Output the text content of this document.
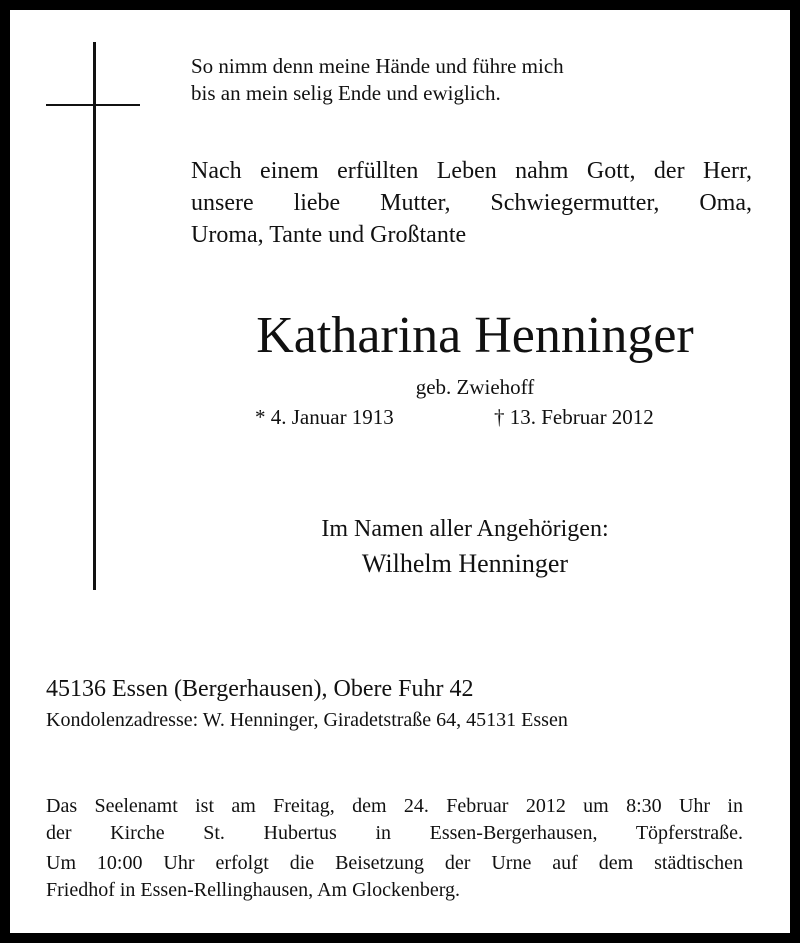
So nimm denn meine Hände und führe mich
bis an mein selig Ende und ewiglich.
Nach einem erfüllten Leben nahm Gott, der Herr,
unsere liebe Mutter, Schwiegermutter, Oma,
Uroma, Tante und Großtante
Katharina Henninger
geb. Zwiehoff
* 4. Januar 1913	† 13. Februar 2012
Im Namen aller Angehörigen:
Wilhelm Henninger
45136 Essen (Bergerhausen), Obere Fuhr 42
Kondolenzadresse: W. Henninger, Giradetstraße 64, 45131 Essen
Das Seelenamt ist am Freitag, dem 24. Februar 2012 um 8:30 Uhr in
der Kirche St. Hubertus in Essen-Bergerhausen, Töpferstraße.
Um 10:00 Uhr erfolgt die Beisetzung der Urne auf dem städtischen
Friedhof in Essen-Rellinghausen, Am Glockenberg.
